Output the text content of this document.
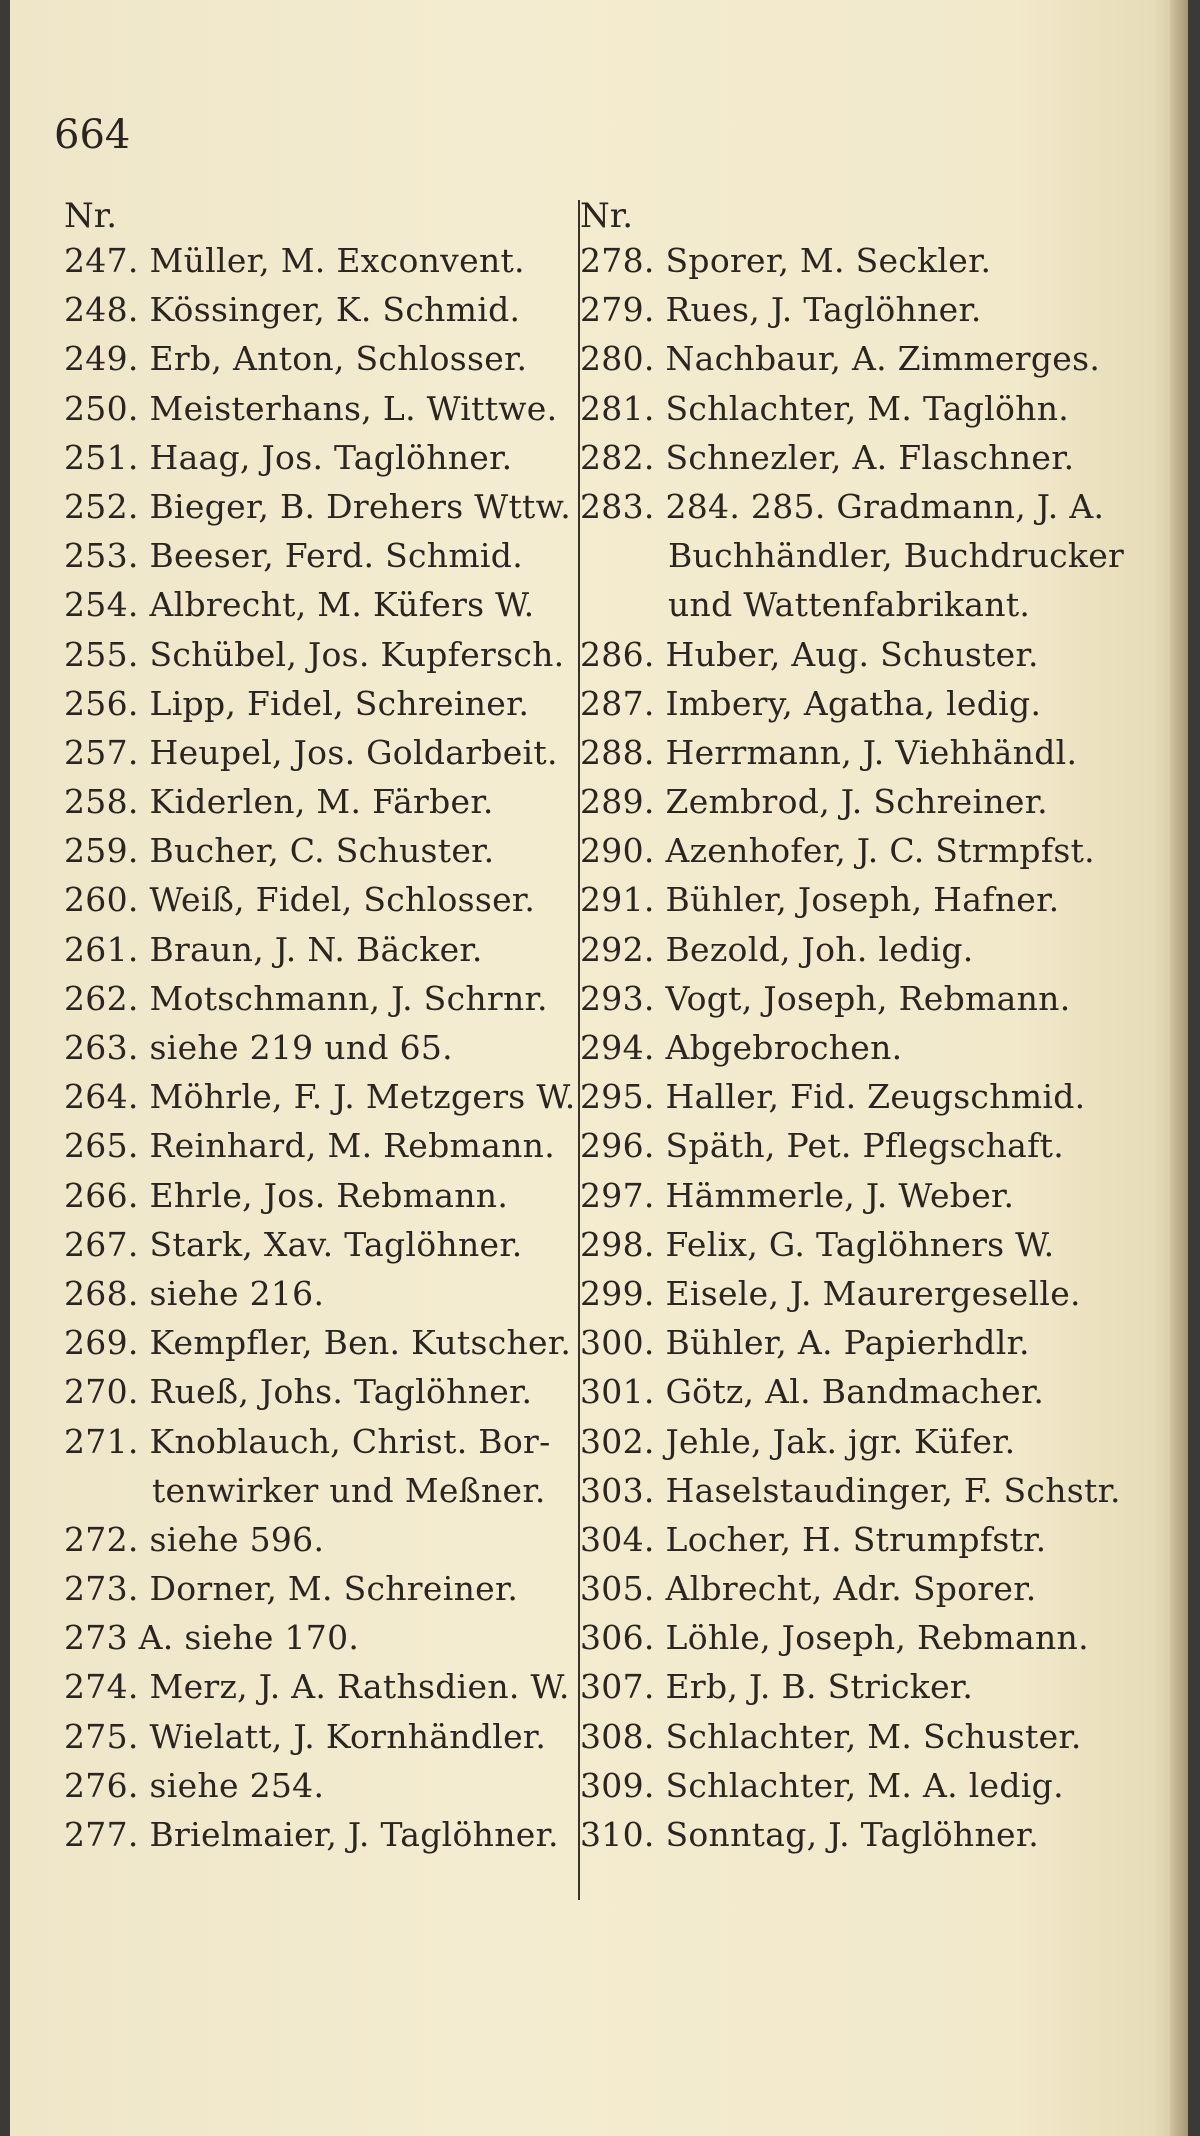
664
Nr.
247. Müller, M. Exconvent.
248. Kössinger, K. Schmid.
249. Erb, Anton, Schlosser.
250. Meisterhans, L. Wittwe.
251. Haag, Jos. Taglöhner.
252. Bieger, B. Drehers Wttw.
253. Beeser, Ferd. Schmid.
254. Albrecht, M. Küfers W.
255. Schübel, Jos. Kupfersch.
256. Lipp, Fidel, Schreiner.
257. Heupel, Jos. Goldarbeit.
258. Kiderlen, M. Färber.
259. Bucher, C. Schuster.
260. Weiß, Fidel, Schlosser.
261. Braun, J. N. Bäcker.
262. Motschmann, J. Schrnr.
263. siehe 219 und 65.
264. Möhrle, F. J. Metzgers W.
265. Reinhard, M. Rebmann.
266. Ehrle, Jos. Rebmann.
267. Stark, Xav. Taglöhner.
268. siehe 216.
269. Kempfler, Ben. Kutscher.
270. Rueß, Johs. Taglöhner.
271. Knoblauch, Christ. Bor-
tenwirker und Meßner.
272. siehe 596.
273. Dorner, M. Schreiner.
273 A. siehe 170.
274. Merz, J. A. Rathsdien. W.
275. Wielatt, J. Kornhändler.
276. siehe 254.
277. Brielmaier, J. Taglöhner.
Nr.
278. Sporer, M. Seckler.
279. Rues, J. Taglöhner.
280. Nachbaur, A. Zimmerges.
281. Schlachter, M. Taglöhn.
282. Schnezler, A. Flaschner.
283. 284. 285. Gradmann, J. A.
Buchhändler, Buchdrucker
und Wattenfabrikant.
286. Huber, Aug. Schuster.
287. Imbery, Agatha, ledig.
288. Herrmann, J. Viehhändl.
289. Zembrod, J. Schreiner.
290. Azenhofer, J. C. Strmpfst.
291. Bühler, Joseph, Hafner.
292. Bezold, Joh. ledig.
293. Vogt, Joseph, Rebmann.
294. Abgebrochen.
295. Haller, Fid. Zeugschmid.
296. Späth, Pet. Pflegschaft.
297. Hämmerle, J. Weber.
298. Felix, G. Taglöhners W.
299. Eisele, J. Maurergeselle.
300. Bühler, A. Papierhdlr.
301. Götz, Al. Bandmacher.
302. Jehle, Jak. jgr. Küfer.
303. Haselstaudinger, F. Schstr.
304. Locher, H. Strumpfstr.
305. Albrecht, Adr. Sporer.
306. Löhle, Joseph, Rebmann.
307. Erb, J. B. Stricker.
308. Schlachter, M. Schuster.
309. Schlachter, M. A. ledig.
310. Sonntag, J. Taglöhner.
